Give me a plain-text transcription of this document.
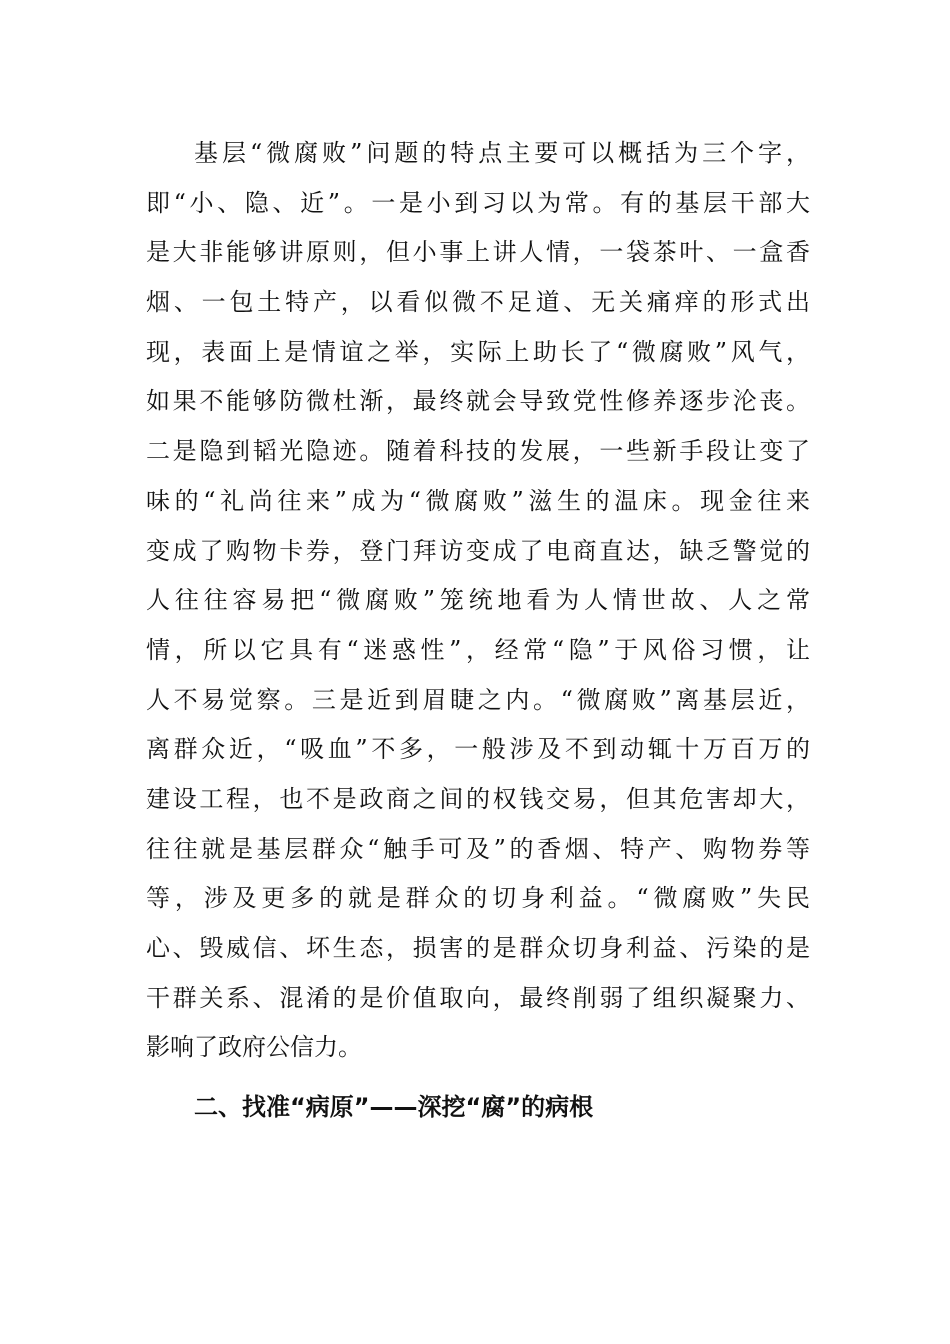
基层“微腐败”问题的特点主要可以概括为三个字，
即“小、隐、近”。一是小到习以为常。有的基层干部大
是大非能够讲原则，但小事上讲人情，一袋茶叶、一盒香
烟、一包土特产，以看似微不足道、无关痛痒的形式出
现，表面上是情谊之举，实际上助长了“微腐败”风气，
如果不能够防微杜渐，最终就会导致党性修养逐步沦丧。
二是隐到韬光隐迹。随着科技的发展，一些新手段让变了
味的“礼尚往来”成为“微腐败”滋生的温床。现金往来
变成了购物卡券，登门拜访变成了电商直达，缺乏警觉的
人往往容易把“微腐败”笼统地看为人情世故、人之常
情，所以它具有“迷惑性”，经常“隐”于风俗习惯，让
人不易觉察。三是近到眉睫之内。“微腐败”离基层近，
离群众近，“吸血”不多，一般涉及不到动辄十万百万的
建设工程，也不是政商之间的权钱交易，但其危害却大，
往往就是基层群众“触手可及”的香烟、特产、购物券等
等，涉及更多的就是群众的切身利益。“微腐败”失民
心、毁威信、坏生态，损害的是群众切身利益、污染的是
干群关系、混淆的是价值取向，最终削弱了组织凝聚力、
影响了政府公信力。
二、找准“病原”——深挖“腐”的病根
